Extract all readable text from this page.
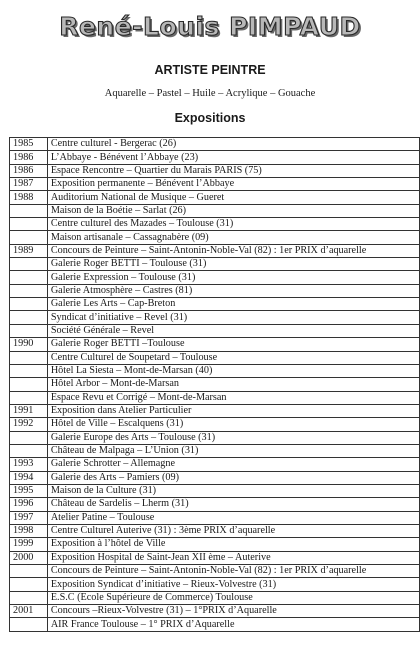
René-Louis PIMPAUD
ARTISTE PEINTRE
Aquarelle – Pastel – Huile – Acrylique – Gouache
Expositions
1985	Centre culturel - Bergerac (26)
1986	L’Abbaye - Bénévent l’Abbaye (23)
1986	Espace Rencontre – Quartier du Marais PARIS (75)
1987	Exposition permanente – Bénévent l’Abbaye
1988	Auditorium National de Musique – Gueret
	Maison de la Boétie – Sarlat (26)
	Centre culturel des Mazades – Toulouse (31)
	Maison artisanale – Cassagnabère (09)
1989	Concours de Peinture – Saint-Antonin-Noble-Val (82) : 1er PRIX d’aquarelle
	Galerie Roger BETTI – Toulouse (31)
	Galerie Expression – Toulouse (31)
	Galerie Atmosphère – Castres (81)
	Galerie Les Arts – Cap-Breton
	Syndicat d’initiative – Revel (31)
	Société Générale – Revel
1990	Galerie Roger BETTI –Toulouse
	Centre Culturel de Soupetard – Toulouse
	Hôtel La Siesta – Mont-de-Marsan (40)
	Hôtel Arbor – Mont-de-Marsan
	Espace Revu et Corrigé – Mont-de-Marsan
1991	Exposition dans Atelier Particulier
1992	Hôtel de Ville – Escalquens (31)
	Galerie Europe des Arts – Toulouse (31)
	Château de Malpaga – L’Union (31)
1993	Galerie Schrotter – Allemagne
1994	Galerie des Arts – Pamiers (09)
1995	Maison de la Culture (31)
1996	Château de Sardelis – Lherm (31)
1997	Atelier Patine – Toulouse
1998	Centre Culturel Auterive (31) : 3ème PRIX d’aquarelle
1999	Exposition à l’hôtel de Ville
2000	Exposition Hospital de Saint-Jean XII ème – Auterive
	Concours de Peinture – Saint-Antonin-Noble-Val (82) : 1er PRIX d’aquarelle
	Exposition Syndicat d’initiative – Rieux-Volvestre (31)
	E.S.C (Ecole Supérieure de Commerce) Toulouse
2001	Concours –Rieux-Volvestre (31) – 1°PRIX d’Aquarelle
	AIR France Toulouse – 1° PRIX d’Aquarelle
